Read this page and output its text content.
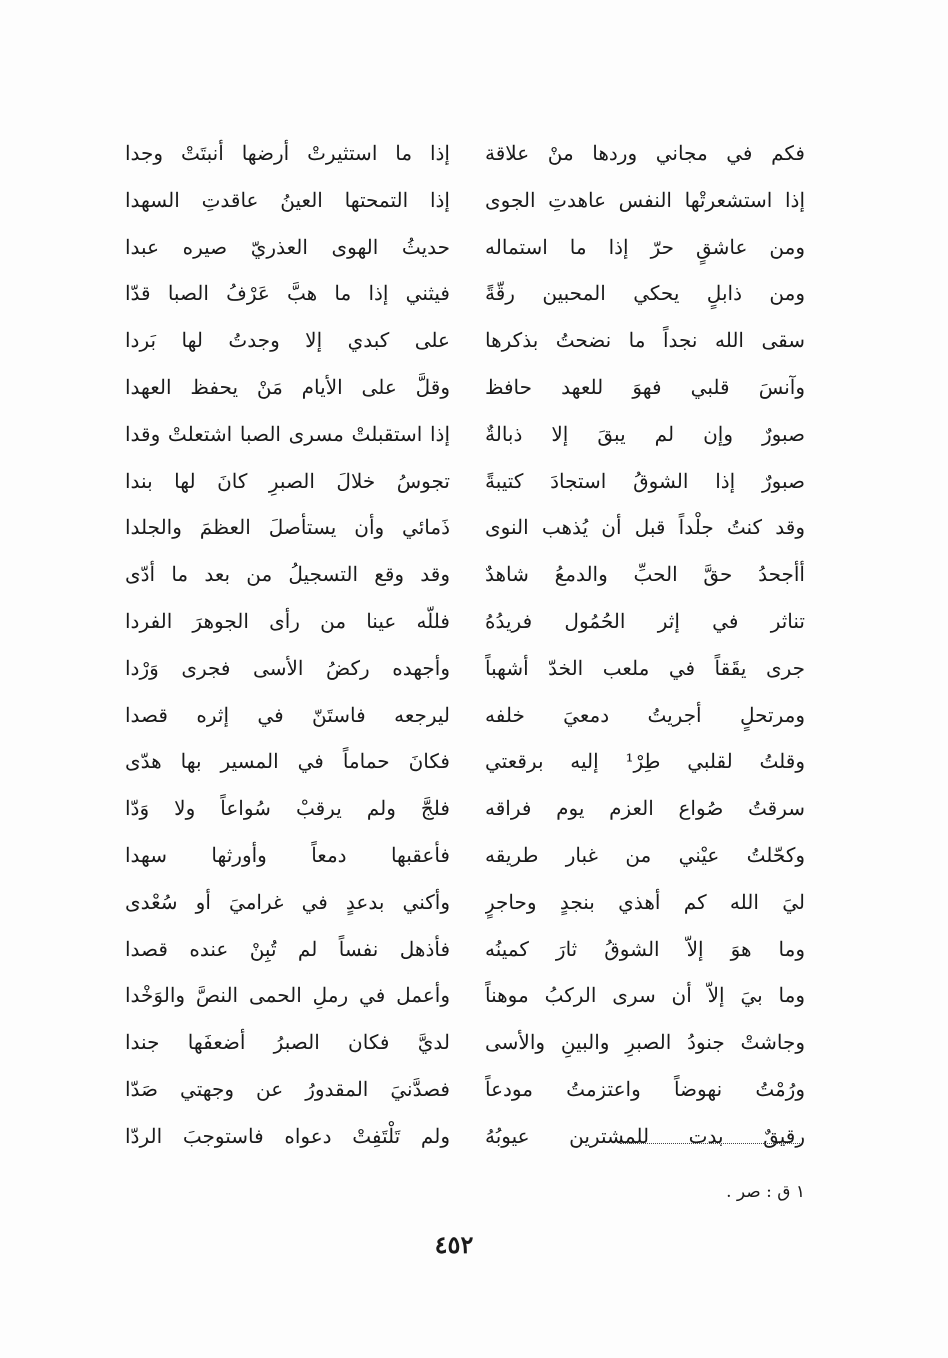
فكم في مجاني وردها منْ علاقة
إذا استشعرتْها النفس عاهدتِ الجوى
ومن عاشقٍ حرّ إذا ما استماله
ومن ذابلٍ يحكي المحبين رقّةً
سقى الله نجداً ما نضحتُ بذكرها
وآنسَ قلبي فهوَ للعهد حافظ
صبورٌ وإن لم يبقَ إلا ذبالةٌ
صبورٌ إذا الشوقُ استجادَ كتيبةً
وقد كنتُ جلْداً قبل أن يُذهب النوى
أأجحدُ حقَّ الحبِّ والدمعُ شاهدٌ
تناثر في إثر الحُمُول فريدُهُ
جرى يقَقاً في ملعب الخدّ أشهباً
ومرتحلٍ أجريتُ دمعيَ خلفه
وقلتُ لقلبي طِرْ¹ إليه برقعتي
سرقتُ صُواع العزم يوم فراقه
وكحّلتُ عيْني من غبار طريقه
ليَ الله كم أهذي بنجدٍ وحاجرٍ
وما هوَ إلاّ الشوقُ ثارَ كمينُه
وما بيَ إلاّ أن سرى الركبُ موهناً
وجاشتْ جنودُ الصبرِ والبينِ والأسى
ورُمْتُ نهوضاً واعتزمتُ مودعاً
رقيقٌ بدت للمشترين عيوبُهُ
إذا ما استثيرتْ أرضها أنبتَتْ وجدا
إذا التمحتها العينُ عاقدتِ السهدا
حديثُ الهوى العذريّ صيره عبدا
فيثني إذا ما هبَّ عَرْفُ الصبا قدّا
على كبدي إلا وجدتُ لها بَردا
وقلَّ على الأيام مَنْ يحفظ العهدا
إذا استقبلتْ مسرى الصبا اشتعلتْ وقدا
تجوسُ خلالَ الصبرِ كانَ لها بندا
ذَمائي وأن يستأصلَ العظمَ والجلدا
وقد وقع التسجيلُ من بعد ما أدّى
فللّه عينا من رأى الجوهرَ الفردا
وأجهده ركضُ الأسى فجرى وَرْدا
ليرجعه فاستَنّ في إثره قصدا
فكانَ حماماً في المسير بها هدّى
فلجَّ ولم يرقبْ سُواعاً ولا وَدّا
فأعقبها دمعاً وأورثها سهدا
وأكني بدعدٍ في غراميَ أو سُعْدى
فأذهل نفساً لم تُبِنْ عنده قصدا
وأعمل في رملِ الحمى النصَّ والوَخْدا
لديَّ فكان الصبرُ أضعفَها جندا
فصدَّنيَ المقدورُ عن وجهتي صَدّا
ولم تَلْتَفِتْ دعواه فاستوجبَ الردّا
١ ق : صر .
٤٥٢
